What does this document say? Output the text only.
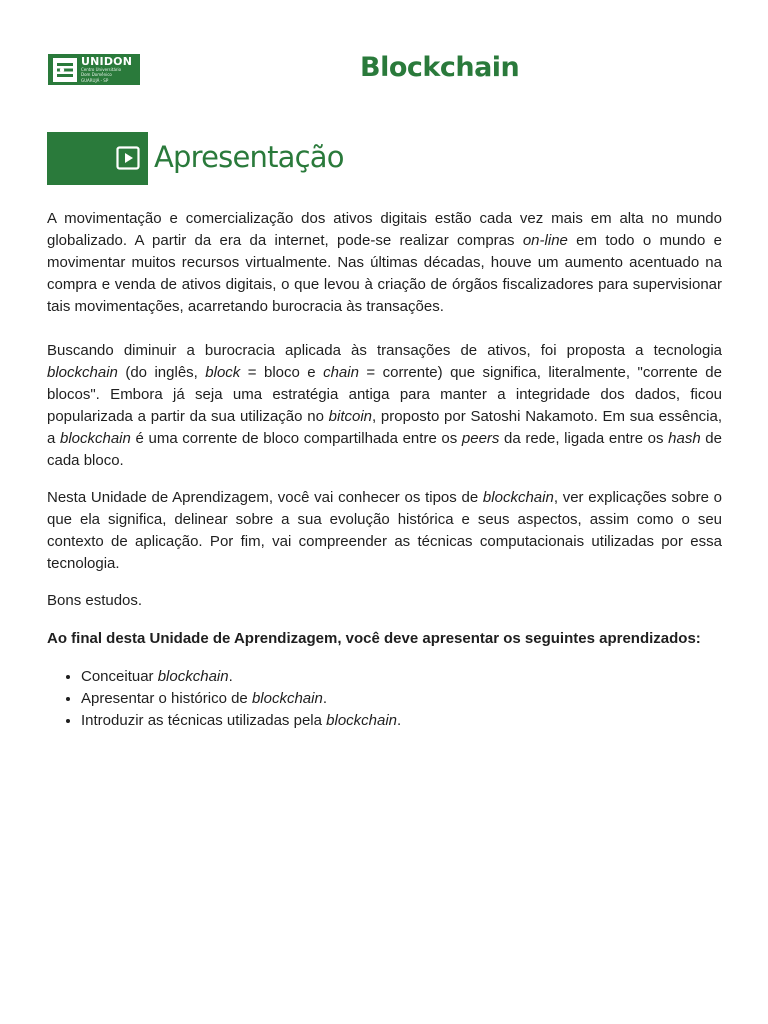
UNIDON
Centro Universitário
Dom Domênico
GUARUJÁ - SP	Blockchain
Apresentação

A movimentação e comercialização dos ativos digitais estão cada vez mais em alta no mundo globalizado. A partir da era da internet, pode-se realizar compras on-line em todo o mundo e movimentar muitos recursos virtualmente. Nas últimas décadas, houve um aumento acentuado na compra e venda de ativos digitais, o que levou à criação de órgãos fiscalizadores para supervisionar tais movimentações, acarretando burocracia às transações.

Buscando diminuir a burocracia aplicada às transações de ativos, foi proposta a tecnologia blockchain (do inglês, block = bloco e chain = corrente) que significa, literalmente, "corrente de blocos". Embora já seja uma estratégia antiga para manter a integridade dos dados, ficou popularizada a partir da sua utilização no bitcoin, proposto por Satoshi Nakamoto. Em sua essência, a blockchain é uma corrente de bloco compartilhada entre os peers da rede, ligada entre os hash de cada bloco.

Nesta Unidade de Aprendizagem, você vai conhecer os tipos de blockchain, ver explicações sobre o que ela significa, delinear sobre a sua evolução histórica e seus aspectos, assim como o seu contexto de aplicação. Por fim, vai compreender as técnicas computacionais utilizadas por essa tecnologia.

Bons estudos.

Ao final desta Unidade de Aprendizagem, você deve apresentar os seguintes aprendizados:

• Conceituar blockchain.
• Apresentar o histórico de blockchain.
• Introduzir as técnicas utilizadas pela blockchain.
